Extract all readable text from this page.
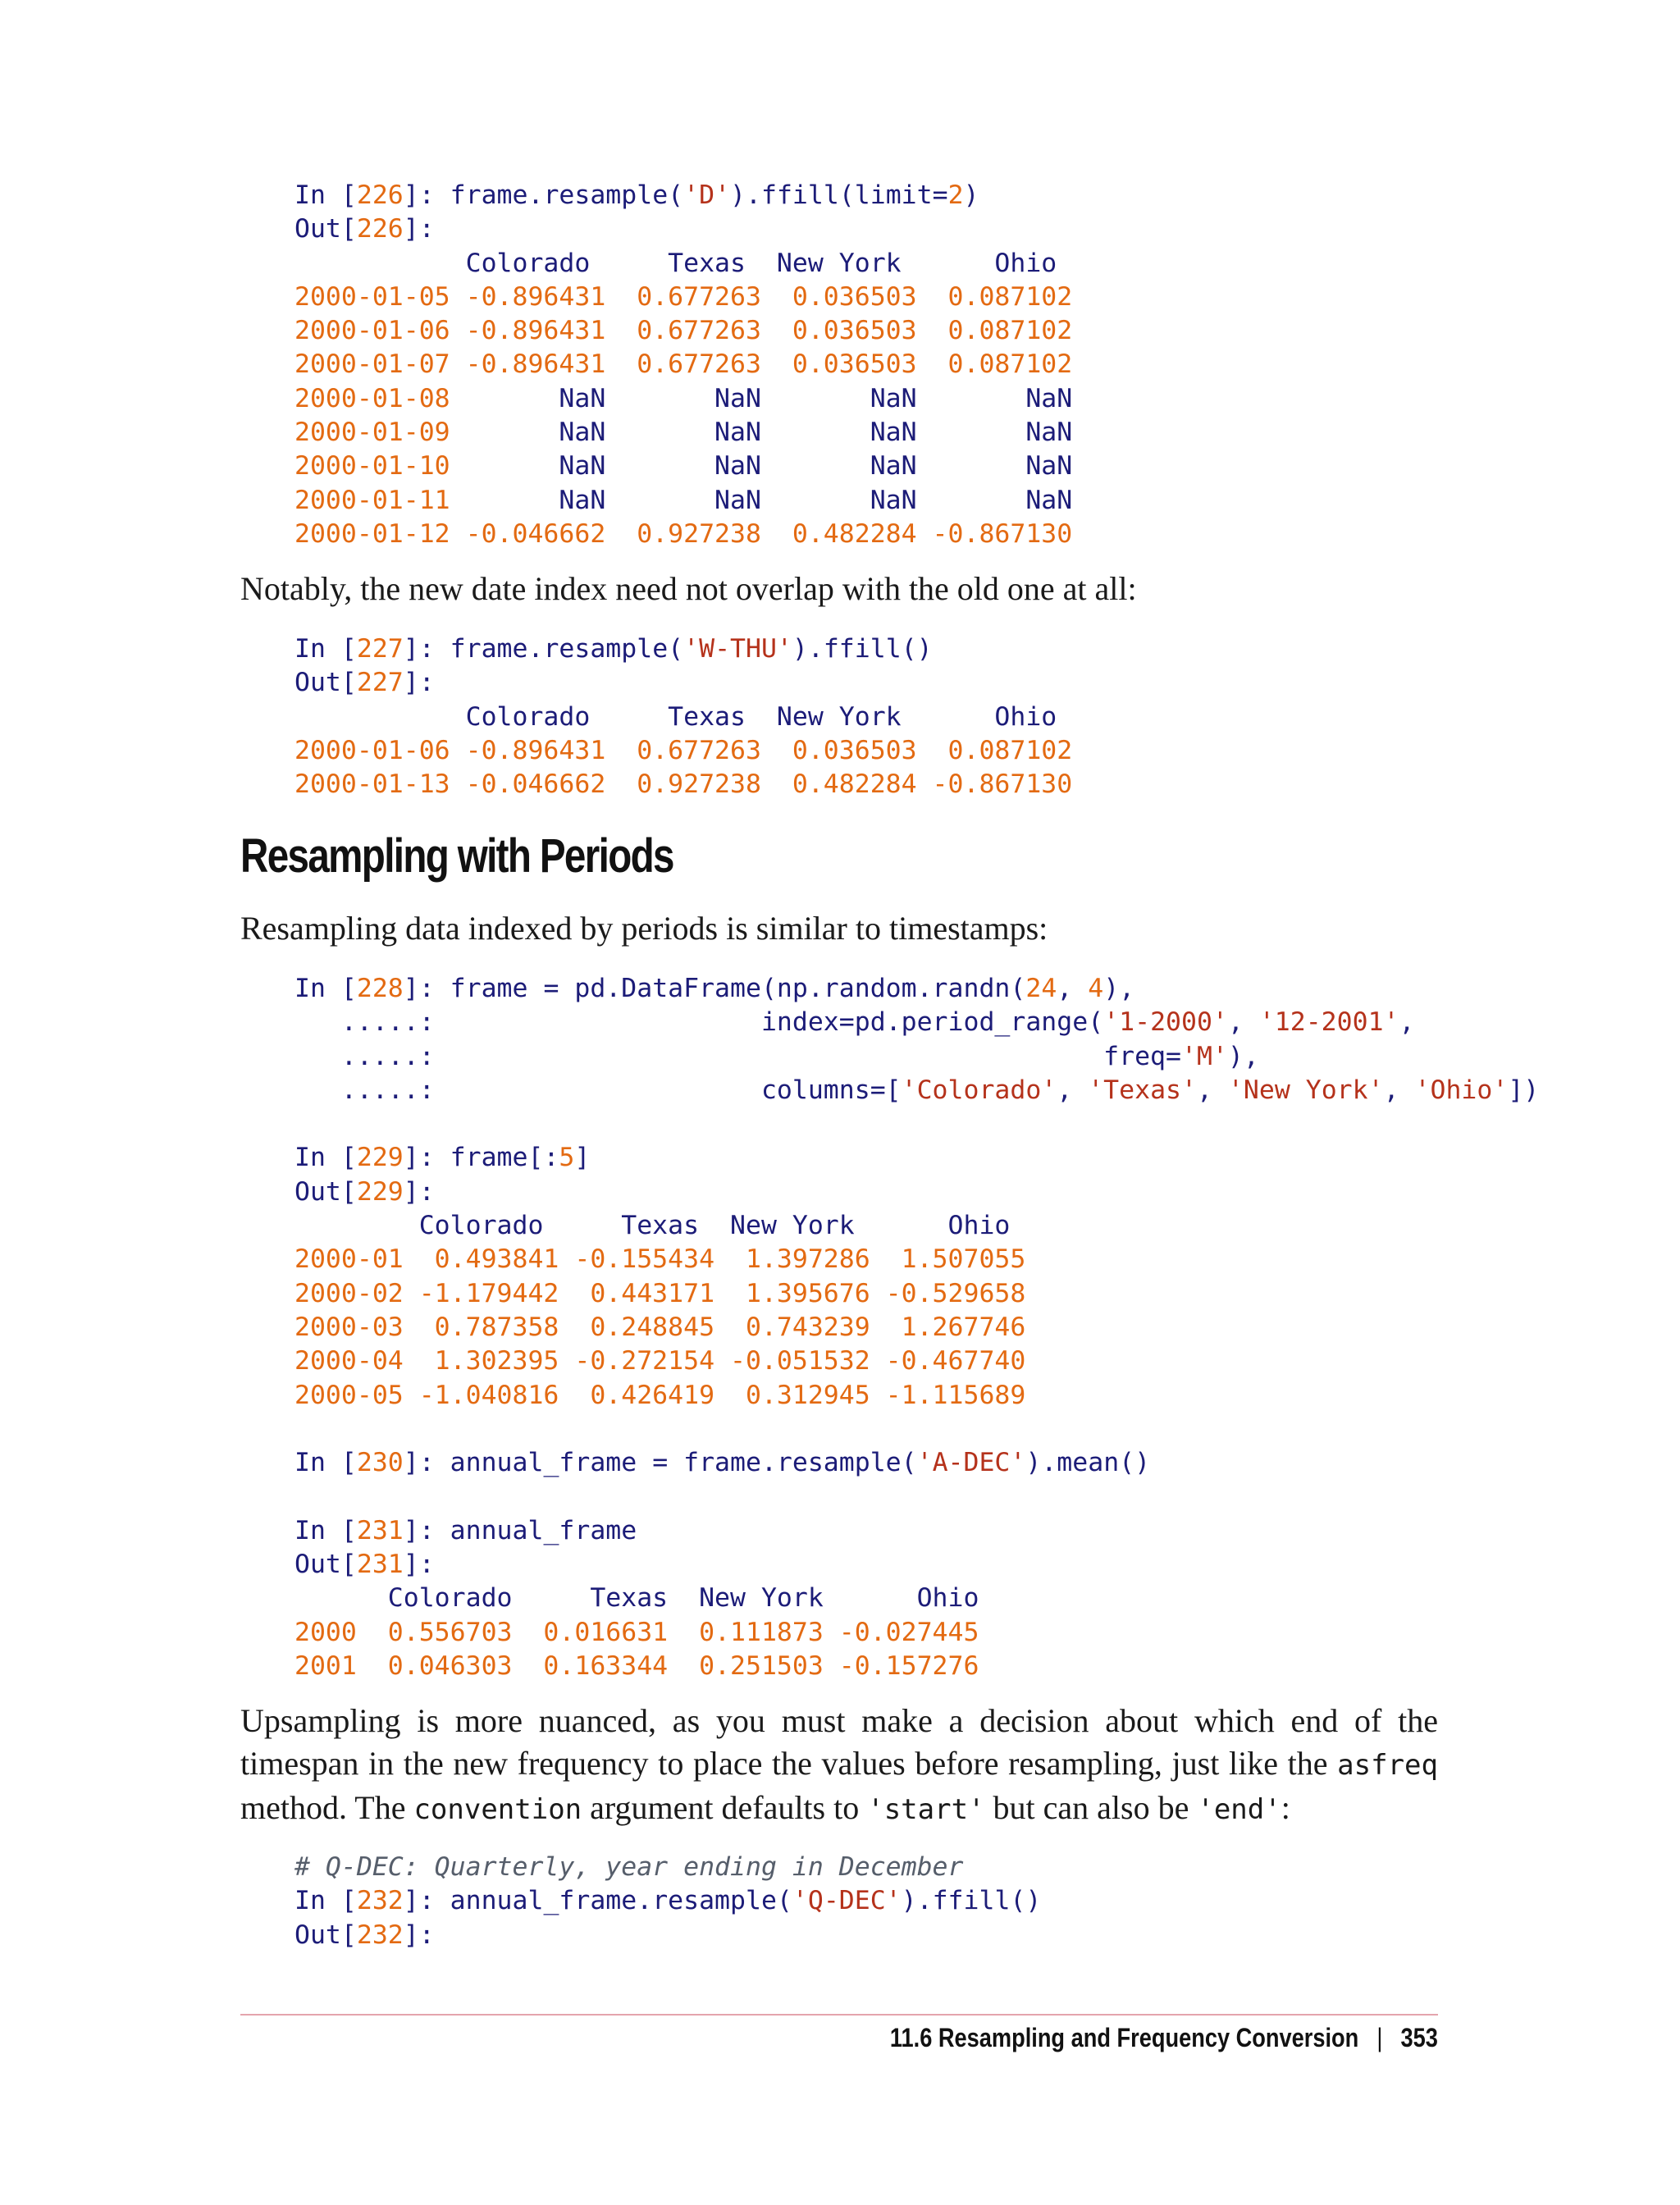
In [226]: frame.resample('D').ffill(limit=2)
Out[226]:
Colorado     Texas  New York      Ohio
2000-01-05 -0.896431  0.677263  0.036503  0.087102
2000-01-06 -0.896431  0.677263  0.036503  0.087102
2000-01-07 -0.896431  0.677263  0.036503  0.087102
2000-01-08       NaN       NaN       NaN       NaN
2000-01-09       NaN       NaN       NaN       NaN
2000-01-10       NaN       NaN       NaN       NaN
2000-01-11       NaN       NaN       NaN       NaN
2000-01-12 -0.046662  0.927238  0.482284 -0.867130

Notably, the new date index need not overlap with the old one at all:

In [227]: frame.resample('W-THU').ffill()
Out[227]:
Colorado     Texas  New York      Ohio
2000-01-06 -0.896431  0.677263  0.036503  0.087102
2000-01-13 -0.046662  0.927238  0.482284 -0.867130
Resampling with Periods

Resampling data indexed by periods is similar to timestamps:

In [228]: frame = pd.DataFrame(np.random.randn(24, 4),
.....:                     index=pd.period_range('1-2000', '12-2001',
.....:                                           freq='M'),
.....:                     columns=['Colorado', 'Texas', 'New York', 'Ohio'])

In [229]: frame[:5]
Out[229]:
Colorado     Texas  New York      Ohio
2000-01  0.493841 -0.155434  1.397286  1.507055
2000-02 -1.179442  0.443171  1.395676 -0.529658
2000-03  0.787358  0.248845  0.743239  1.267746
2000-04  1.302395 -0.272154 -0.051532 -0.467740
2000-05 -1.040816  0.426419  0.312945 -1.115689

In [230]: annual_frame = frame.resample('A-DEC').mean()

In [231]: annual_frame
Out[231]:
Colorado     Texas  New York      Ohio
2000  0.556703  0.016631  0.111873 -0.027445
2001  0.046303  0.163344  0.251503 -0.157276

Upsampling is more nuanced, as you must make a decision about which end of the timespan in the new frequency to place the values before resampling, just like the asfreq method. The convention argument defaults to 'start' but can also be 'end':

# Q-DEC: Quarterly, year ending in December
In [232]: annual_frame.resample('Q-DEC').ffill()
Out[232]:
11.6 Resampling and Frequency Conversion | 353
